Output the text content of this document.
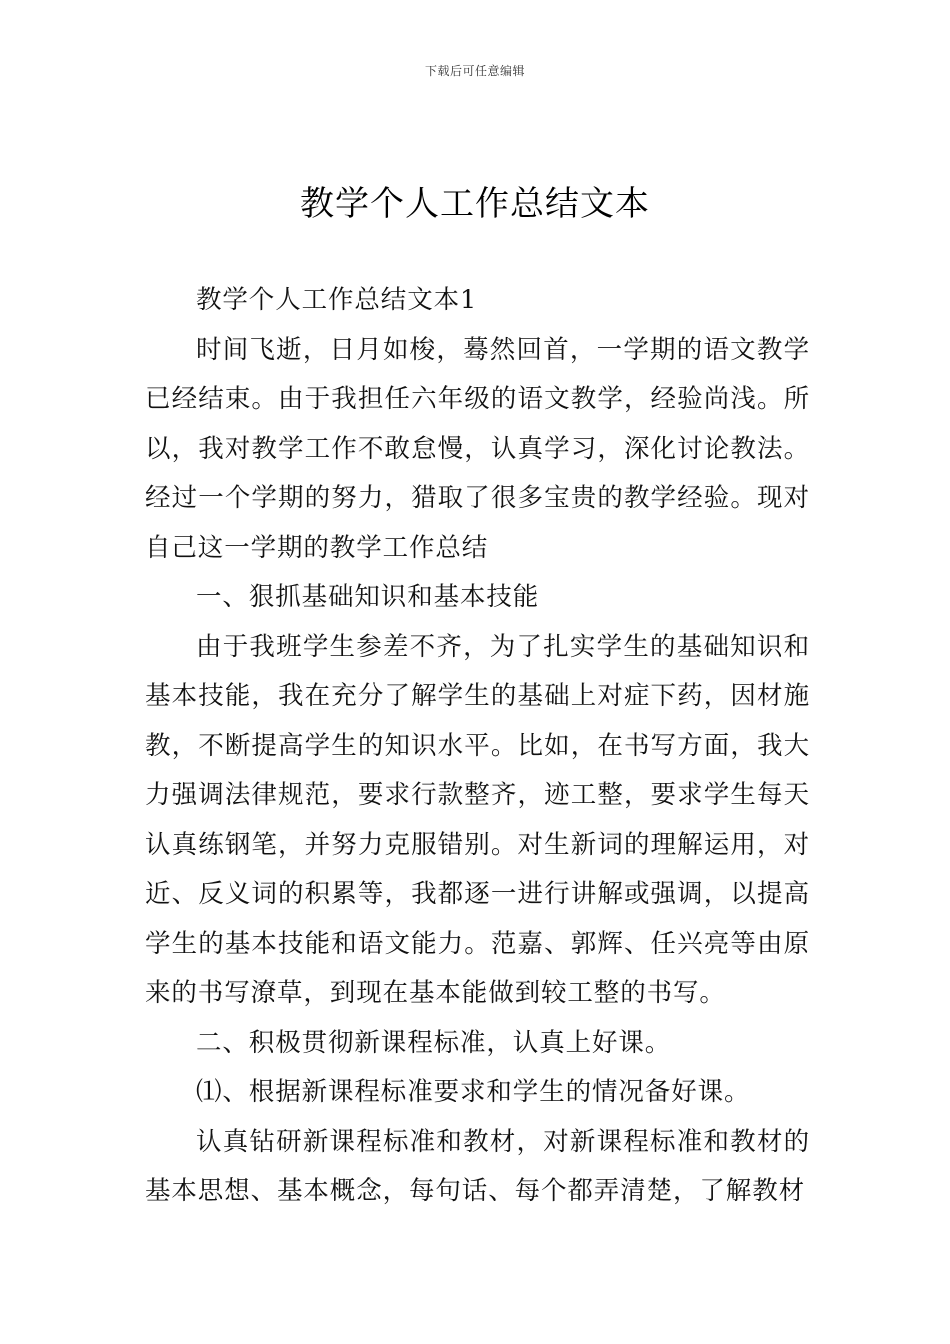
下载后可任意编辑
教学个人工作总结文本

教学个人工作总结文本1

时间飞逝，日月如梭，蓦然回首，一学期的语文教学已经结束。由于我担任六年级的语文教学，经验尚浅。所以，我对教学工作不敢怠慢，认真学习，深化讨论教法。经过一个学期的努力，猎取了很多宝贵的教学经验。现对自己这一学期的教学工作总结

一、狠抓基础知识和基本技能

由于我班学生参差不齐，为了扎实学生的基础知识和基本技能，我在充分了解学生的基础上对症下药，因材施教，不断提高学生的知识水平。比如，在书写方面，我大力强调法律规范，要求行款整齐，迹工整，要求学生每天认真练钢笔，并努力克服错别。对生新词的理解运用，对近、反义词的积累等，我都逐一进行讲解或强调，以提高学生的基本技能和语文能力。范嘉、郭辉、任兴亮等由原来的书写潦草，到现在基本能做到较工整的书写。

二、积极贯彻新课程标准，认真上好课。

⑴、根据新课程标准要求和学生的情况备好课。

认真钻研新课程标准和教材，对新课程标准和教材的基本思想、基本概念，每句话、每个都弄清楚，了解教材
